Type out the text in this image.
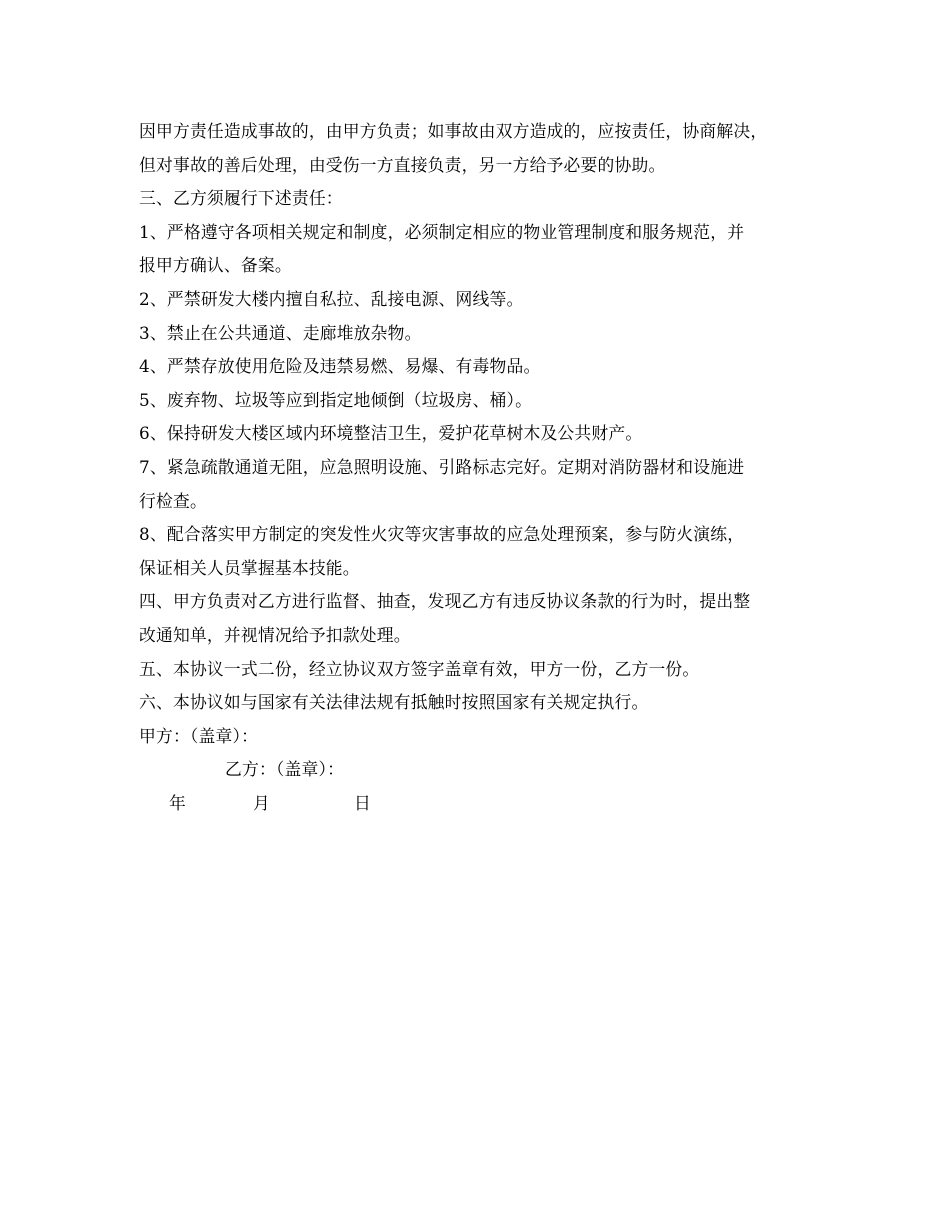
因甲方责任造成事故的，由甲方负责；如事故由双方造成的，应按责任，协商解决，
但对事故的善后处理，由受伤一方直接负责，另一方给予必要的协助。
三、乙方须履行下述责任：
1、严格遵守各项相关规定和制度，必须制定相应的物业管理制度和服务规范，并
报甲方确认、备案。
2、严禁研发大楼内擅自私拉、乱接电源、网线等。
3、禁止在公共通道、走廊堆放杂物。
4、严禁存放使用危险及违禁易燃、易爆、有毒物品。
5、废弃物、垃圾等应到指定地倾倒（垃圾房、桶）。
6、保持研发大楼区域内环境整洁卫生，爱护花草树木及公共财产。
7、紧急疏散通道无阻，应急照明设施、引路标志完好。定期对消防器材和设施进
行检查。
8、配合落实甲方制定的突发性火灾等灾害事故的应急处理预案，参与防火演练，
保证相关人员掌握基本技能。
四、甲方负责对乙方进行监督、抽查，发现乙方有违反协议条款的行为时，提出整
改通知单，并视情况给予扣款处理。
五、本协议一式二份，经立协议双方签字盖章有效，甲方一份，乙方一份。
六、本协议如与国家有关法律法规有抵触时按照国家有关规定执行。
甲方：（盖章）：
乙方：（盖章）：
年	月	日
